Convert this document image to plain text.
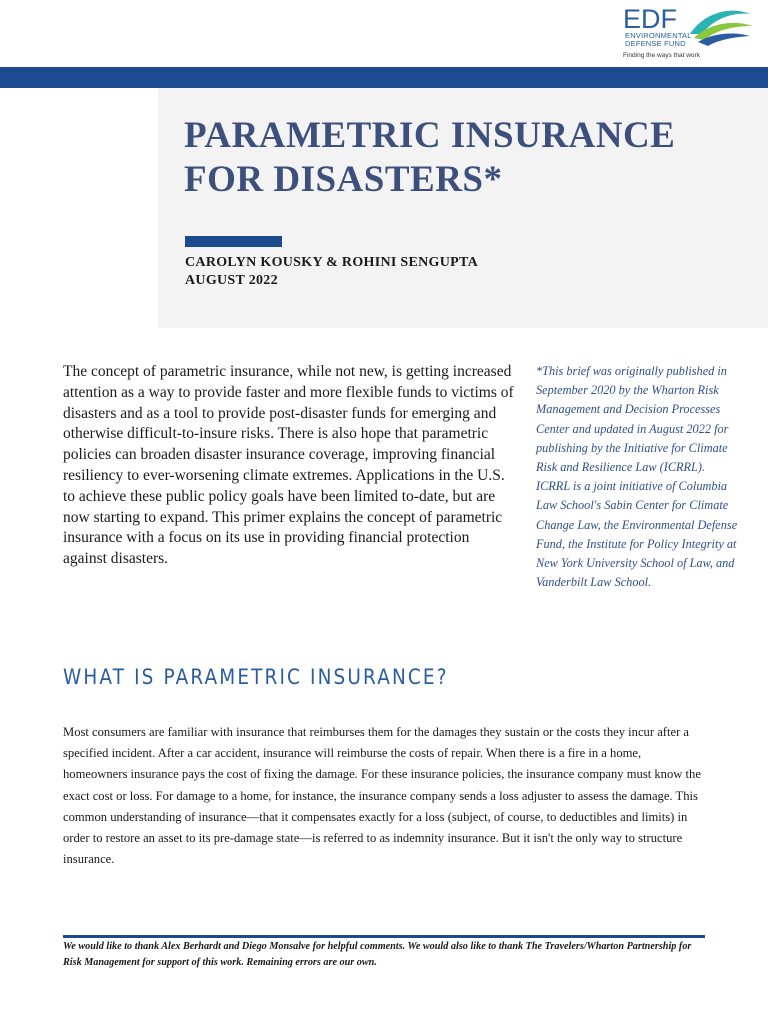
EDF
ENVIRONMENTAL
DEFENSE FUND
Finding the ways that work
PARAMETRIC INSURANCE
FOR DISASTERS*
CAROLYN KOUSKY & ROHINI SENGUPTA
AUGUST 2022

The concept of parametric insurance, while not new, is getting increased attention as a way to provide faster and more flexible funds to victims of disasters and as a tool to provide post-disaster funds for emerging and otherwise difficult-to-insure risks. There is also hope that parametric policies can broaden disaster insurance coverage, improving financial resiliency to ever-worsening climate extremes. Applications in the U.S. to achieve these public policy goals have been limited to-date, but are now starting to expand. This primer explains the concept of parametric insurance with a focus on its use in providing financial protection against disasters.

*This brief was originally published in September 2020 by the Wharton Risk Management and Decision Processes Center and updated in August 2022 for publishing by the Initiative for Climate Risk and Resilience Law (ICRRL). ICRRL is a joint initiative of Columbia Law School's Sabin Center for Climate Change Law, the Environmental Defense Fund, the Institute for Policy Integrity at New York University School of Law, and Vanderbilt Law School.

WHAT IS PARAMETRIC INSURANCE?

Most consumers are familiar with insurance that reimburses them for the damages they sustain or the costs they incur after a specified incident. After a car accident, insurance will reimburse the costs of repair. When there is a fire in a home, homeowners insurance pays the cost of fixing the damage. For these insurance policies, the insurance company must know the exact cost or loss. For damage to a home, for instance, the insurance company sends a loss adjuster to assess the damage. This common understanding of insurance—that it compensates exactly for a loss (subject, of course, to deductibles and limits) in order to restore an asset to its pre-damage state—is referred to as indemnity insurance. But it isn't the only way to structure insurance.

We would like to thank Alex Berhardt and Diego Monsalve for helpful comments. We would also like to thank The Travelers/Wharton Partnership for Risk Management for support of this work. Remaining errors are our own.
